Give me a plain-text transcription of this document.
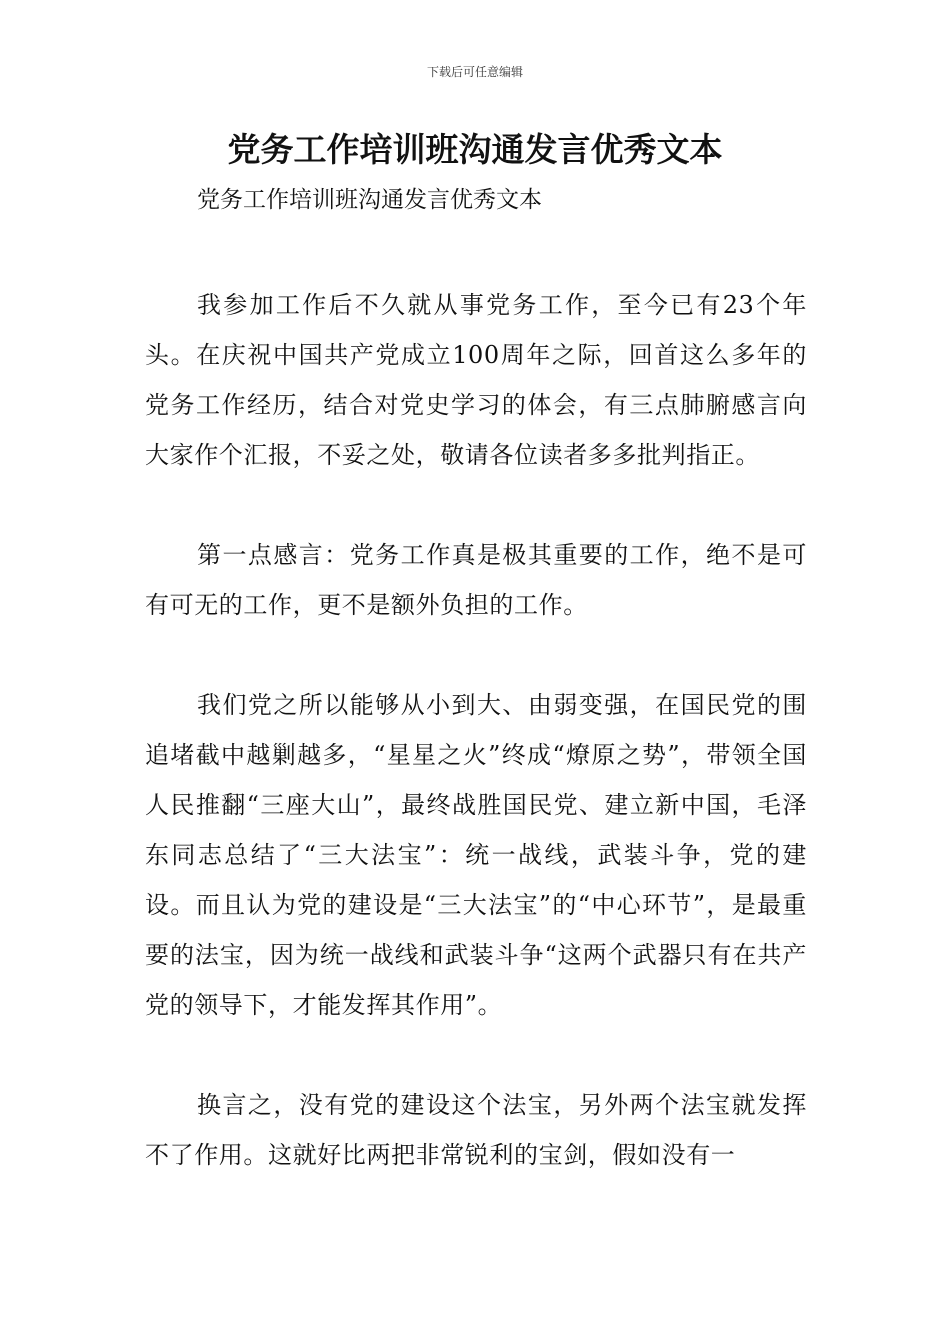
下载后可任意编辑
党务工作培训班沟通发言优秀文本

党务工作培训班沟通发言优秀文本

我参加工作后不久就从事党务工作，至今已有23个年头。在庆祝中国共产党成立100周年之际，回首这么多年的党务工作经历，结合对党史学习的体会，有三点肺腑感言向大家作个汇报，不妥之处，敬请各位读者多多批判指正。

第一点感言：党务工作真是极其重要的工作，绝不是可有可无的工作，更不是额外负担的工作。

我们党之所以能够从小到大、由弱变强，在国民党的围追堵截中越剿越多，“星星之火”终成“燎原之势”，带领全国人民推翻“三座大山”，最终战胜国民党、建立新中国，毛泽东同志总结了“三大法宝”：统一战线，武装斗争，党的建设。而且认为党的建设是“三大法宝”的“中心环节”，是最重要的法宝，因为统一战线和武装斗争“这两个武器只有在共产党的领导下，才能发挥其作用”。

换言之，没有党的建设这个法宝，另外两个法宝就发挥不了作用。这就好比两把非常锐利的宝剑，假如没有一
